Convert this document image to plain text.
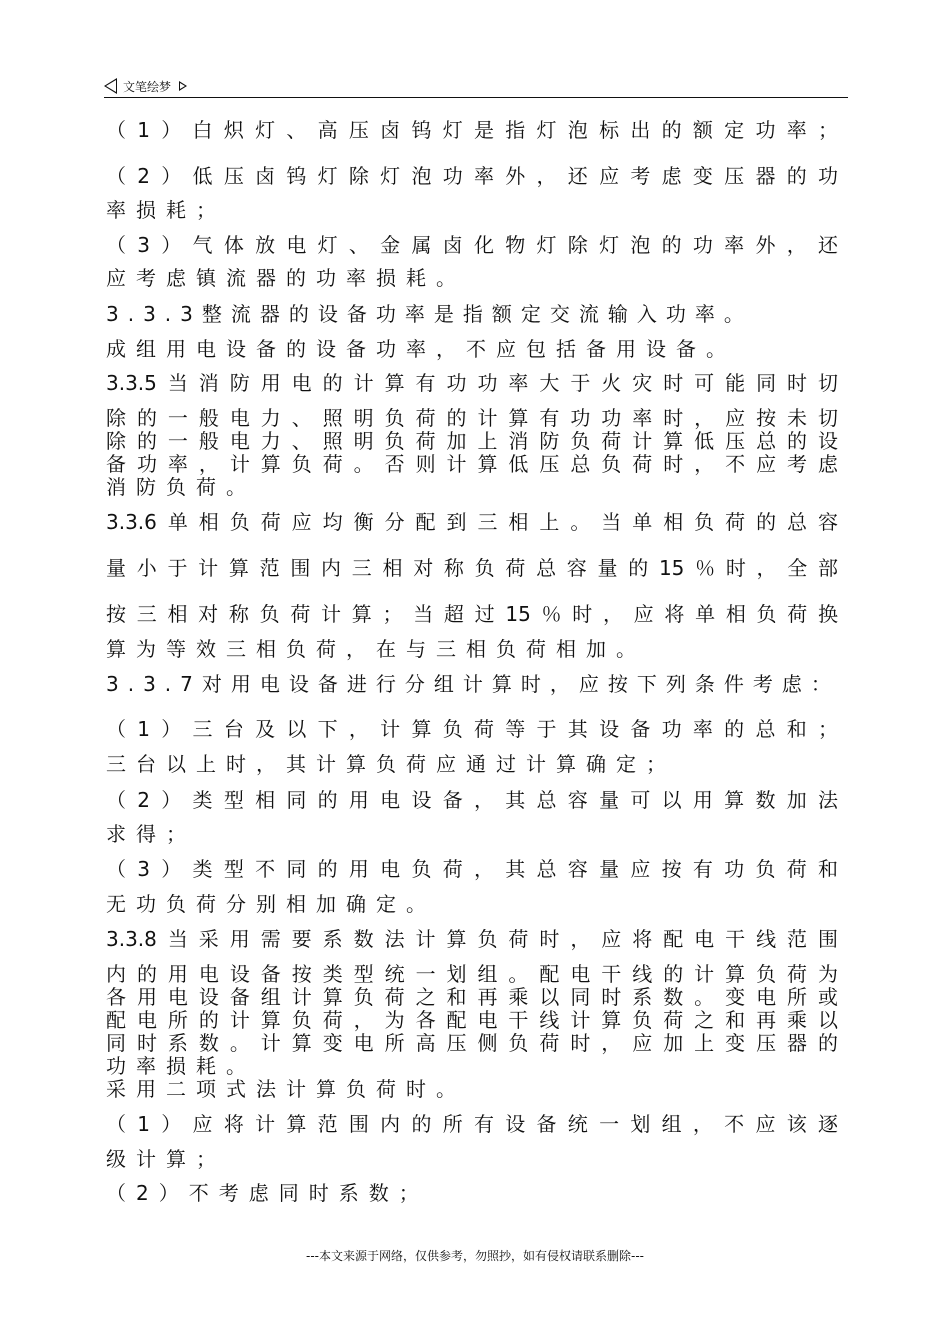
文笔绘梦
（1）白炽灯、高压卤钨灯是指灯泡标出的额定功率；
（2）低压卤钨灯除灯泡功率外，还应考虑变压器的功
率损耗；
（3）气体放电灯、金属卤化物灯除灯泡的功率外，还
应考虑镇流器的功率损耗。
3.3.3整流器的设备功率是指额定交流输入功率。
成组用电设备的设备功率，不应包括备用设备。
3.3.5当消防用电的计算有功功率大于火灾时可能同时切
除的一般电力、照明负荷的计算有功功率时，应按未切
除的一般电力、照明负荷加上消防负荷计算低压总的设
备功率，计算负荷。否则计算低压总负荷时，不应考虑
消防负荷。
3.3.6单相负荷应均衡分配到三相上。当单相负荷的总容
量小于计算范围内三相对称负荷总容量的15％时，全部
按三相对称负荷计算；当超过15％时，应将单相负荷换
算为等效三相负荷，在与三相负荷相加。
3.3.7对用电设备进行分组计算时，应按下列条件考虑：
（1）三台及以下，计算负荷等于其设备功率的总和；
三台以上时，其计算负荷应通过计算确定；
（2）类型相同的用电设备，其总容量可以用算数加法
求得；
（3）类型不同的用电负荷，其总容量应按有功负荷和
无功负荷分别相加确定。
3.3.8当采用需要系数法计算负荷时，应将配电干线范围
内的用电设备按类型统一划组。配电干线的计算负荷为
各用电设备组计算负荷之和再乘以同时系数。变电所或
配电所的计算负荷，为各配电干线计算负荷之和再乘以
同时系数。计算变电所高压侧负荷时，应加上变压器的
功率损耗。
采用二项式法计算负荷时。
（1）应将计算范围内的所有设备统一划组，不应该逐
级计算；
（2）不考虑同时系数；
---本文来源于网络，仅供参考，勿照抄，如有侵权请联系删除---
